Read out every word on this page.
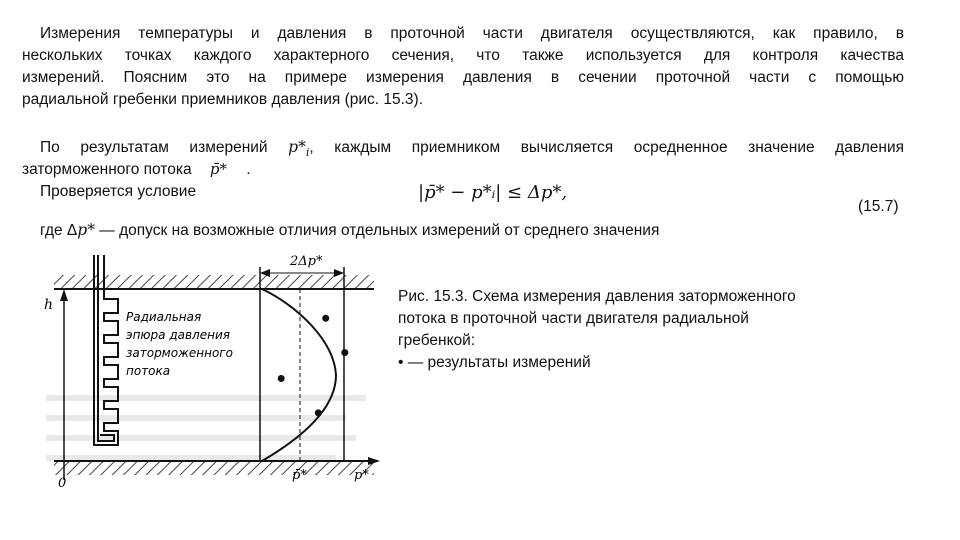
Измерения температуры и давления в проточной части двигателя осуществляются, как правило, в
нескольких точках каждого характерного сечения, что также используется для контроля качества
измерений. Поясним это на примере измерения давления в сечении проточной части с помощью
радиальной гребенки приемников давления (рис. 15.3).
По результатам измерений $p*_i$, каждым приемником вычисляется осредненное значение давления
заторможенного потока p̄* .
Проверяется условие	|p̄* − p*ᵢ| ≤ Δp*,
(15.7)
где Δp* — допуск на возможные отличия отдельных измерений от среднего значения
h
0
Радиальная
эпюра давления
заторможенного
потока
2Δp*
p̄*	p*
Рис. 15.3. Схема измерения давления заторможенного
потока в проточной части двигателя радиальной
гребенкой:
• — результаты измерений
